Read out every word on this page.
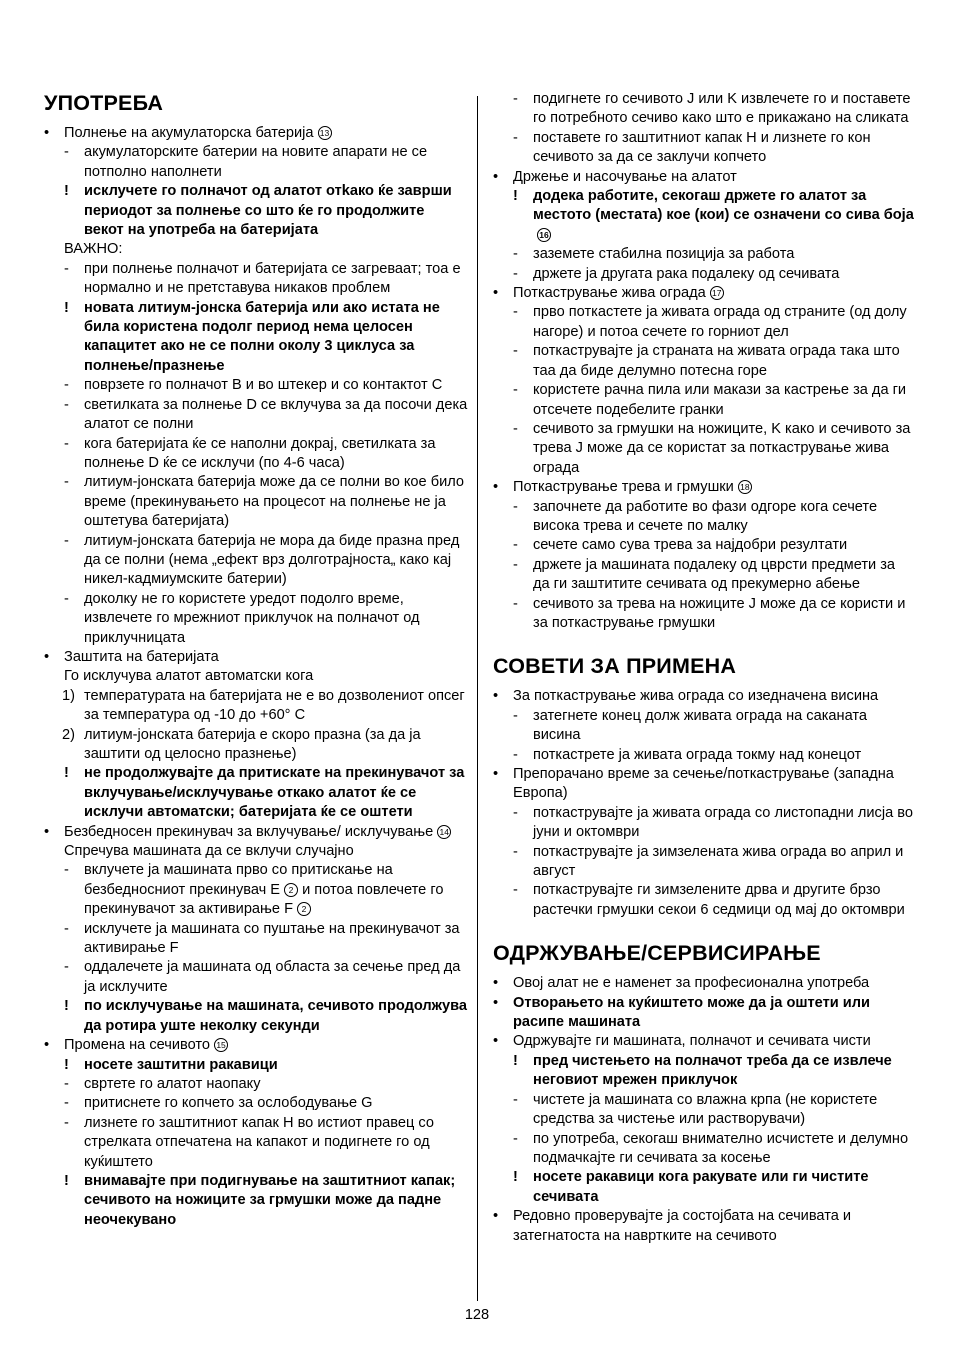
УПОТРЕБА
•	Полнење на акумулаторска батерија 13
-	акумулаторските батерии на новите апарати не се потполно наполнети
!	исклучете го полначот од алатот отkако ќе заврши периодот за полнење со што ќе го продолжите векот на употреба на батеријата
ВАЖНО:
-	при полнење полначот и батеријата се загреваат; тоа е нормално и не претставува никаков проблем
!	новата литиум-јонска батерија или ако истата не била користена подолг период нема целосен капацитет ако не се полни околу 3 циклуса за полнење/празнење
-	поврзете го полначот B и во штекер и со контактот C
-	светилката за полнење D се вклучува за да посочи дека алатот се полни
-	кога батеријата ќе се наполни докрај, светилката за полнење D ќе се исклучи (по 4-6 часа)
-	литиум-јонската батерија може да се полни во кое било време (прекинувањето на процесот на полнење не ја оштетува батеријата)
-	литиум-јонската батерија не мора да биде празна пред да се полни (нема „ефект врз долготрајноста„ како кај никел-кадмиумските батерии)
-	доколку не го користете уредот подолго време, извлечете го мрежниот приклучок на полначот од приклучницата
•	Заштита на батеријата
Го исклучува алатот автоматски кога
1) температурата на батеријата не е во дозволениот опсег за температура од -10 до +60° C
2) литиум-јонската батерија е скоро празна (за да ја заштити од целосно празнење)
!	не продолжувајте да притискате на прекинувачот за вклучување/исклучување откако алатот ќе се исклучи автоматски; батеријата ќе се оштети
•	Безбедносен прекинувач за вклучување/ исклучување 14
Спречува машината да се вклучи случајно
-	вклучете ја машината прво со притискање на безбедносниот прекинувач E 2 и потоа повлечете го прекинувачот за активирање F 2
-	исклучете ја машината со пуштање на прекинувачот за активирање F
-	оддалечете ја машината од областа за сечење пред да ја исклучите
!	по исклучување на машината, сечивото продолжува да ротира уште неколку секунди
•	Промена на сечивото 15
!	носете заштитни ракавици
-	свртете го алатот наопаку
-	притиснете го копчето за ослободување G
-	лизнете го заштитниот капак H во истиот правец со стрелката отпечатена на капакот и подигнете го од куќиштето
!	внимавајте при подигнување на заштитниот капак; сечивото на ножиците за грмушки може да падне неочекувано
-	подигнете го сечивото J или K извлечете го и поставете го потребното сечиво како што е прикажано на сликата
-	поставете го заштитниот капак H и лизнете го кон сечивото за да се заклучи копчето
•	Држење и насочување на алатот
!	додека работите, секогаш држете го алатот за местото (местата) кое (кои) се означени со сива боја16
-	заземете стабилна позиција за работа
-	држете ја другата рака подалеку од сечивата
•	Поткастрување жива ограда 17
-	прво поткастете ја живата ограда од страните (од долу нагоре) и потоа сечете го горниот дел
-	поткаструвајте ја страната на живата ограда така што таа да биде делумно потесна горе
-	користете рачна пила или макази за кастрење за да ги отсечете подебелите гранки
-	сечивото за грмушки на ножиците, K како и сечивото за трева J може да се користат за поткастрување жива ограда
•	Поткастрување трева и грмушки 18
-	започнете да работите во фази одгоре кога сечете висока трева и сечете по малку
-	сечете само сува трева за најдобри резултати
-	држете ја машината подалеку од цврсти предмети за да ги заштитите сечивата од прекумерно абење
-	сечивото за трева на ножиците J може да се користи и за поткастрување грмушки
СОВЕТИ ЗА ПРИМЕНА
•	За поткастрување жива ограда со изедначена висина
-	затегнете конец долж живата ограда на саканата висина
-	поткастрете ја живата ограда токму над конецот
•	Препорачано време за сечење/поткастрување (западна Европа)
-	поткаструвајте ја живата ограда со листопадни лисја во јуни и октомври
-	поткаструвајте ја зимзелената жива ограда во април и август
-	поткаструвајте ги зимзелените дрва и другите брзо растечки грмушки секои 6 седмици од мај до октомври
ОДРЖУВАЊЕ/СЕРВИСИРАЊЕ
•	Овој алат не е наменет за професионална употреба
•	Отворањето на куќиштето може да ја оштети или расипе машината
•	Одржувајте ги машината, полначот и сечивата чисти
!	пред чистењето на полначот треба да се извлече неговиот мрежен приклучок
-	чистете ја машината со влажна крпа (не користете средства за чистење или растворувачи)
-	по употреба, секогаш внимателно исчистете и делумно подмачкајте ги сечивата за косење
!	носете ракавици кога ракувате или ги чистите сечивата
•	Редовно проверувајте ја состојбата на сечивата и затегнатоста на навртките на сечивото
128
